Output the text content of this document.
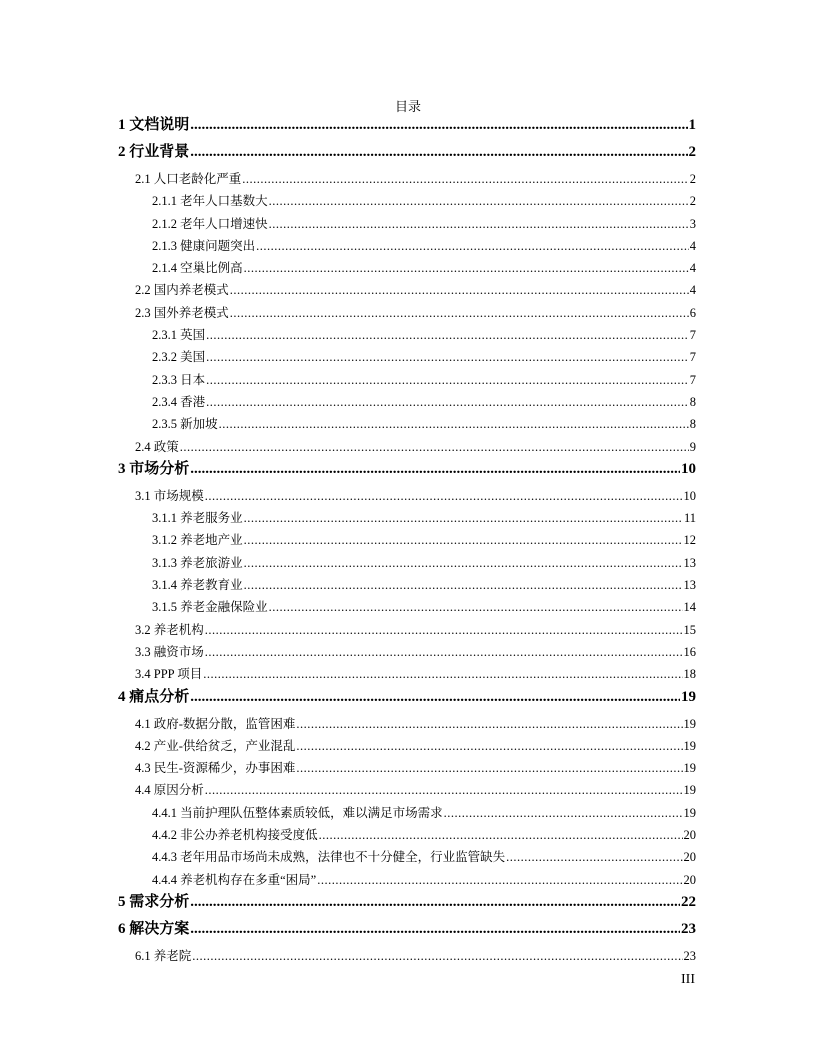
目录
1 文档说明 .....	1
2 行业背景 .....	2
2.1 人口老龄化严重 .....	2
2.1.1 老年人口基数大 .....	2
2.1.2 老年人口增速快 .....	3
2.1.3 健康问题突出 .....	4
2.1.4 空巢比例高 .....	4
2.2 国内养老模式 .....	4
2.3 国外养老模式 .....	6
2.3.1 英国 .....	7
2.3.2 美国 .....	7
2.3.3 日本 .....	7
2.3.4 香港 .....	8
2.3.5 新加坡 .....	8
2.4 政策 .....	9
3 市场分析 .....	10
3.1 市场规模 .....	10
3.1.1 养老服务业 .....	11
3.1.2 养老地产业 .....	12
3.1.3 养老旅游业 .....	13
3.1.4 养老教育业 .....	13
3.1.5 养老金融保险业 .....	14
3.2 养老机构 .....	15
3.3 融资市场 .....	16
3.4 PPP 项目 .....	18
4 痛点分析 .....	19
4.1 政府-数据分散，监管困难 .....	19
4.2 产业-供给贫乏，产业混乱 .....	19
4.3 民生-资源稀少，办事困难 .....	19
4.4 原因分析 .....	19
4.4.1 当前护理队伍整体素质较低，难以满足市场需求 .....	19
4.4.2 非公办养老机构接受度低 .....	20
4.4.3 老年用品市场尚未成熟，法律也不十分健全，行业监管缺失 .....	20
4.4.4 养老机构存在多重“困局” .....	20
5 需求分析 .....	22
6 解决方案 .....	23
6.1 养老院 .....	23
III
